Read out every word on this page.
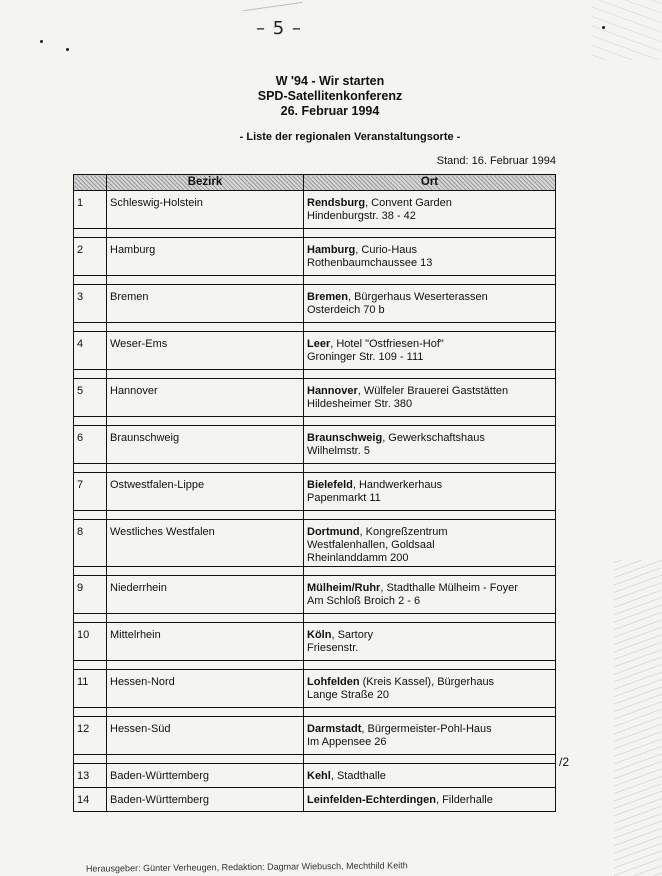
– 5 –
W '94 - Wir starten
SPD-Satellitenkonferenz
26. Februar 1994
- Liste der regionalen Veranstaltungsorte -
Stand: 16. Februar 1994
	Bezirk	Ort
1	Schleswig-Holstein	Rendsburg, Convent Garden
Hindenburgstr. 38 - 42

2	Hamburg	Hamburg, Curio-Haus
Rothenbaumchaussee 13

3	Bremen	Bremen, Bürgerhaus Weserterassen
Osterdeich 70 b

4	Weser-Ems	Leer, Hotel "Ostfriesen-Hof"
Groninger Str. 109 - 111

5	Hannover	Hannover, Wülfeler Brauerei Gaststätten
Hildesheimer Str. 380

6	Braunschweig	Braunschweig, Gewerkschaftshaus
Wilhelmstr. 5

7	Ostwestfalen-Lippe	Bielefeld, Handwerkerhaus
Papenmarkt 11

8	Westliches Westfalen	Dortmund, Kongreßzentrum
Westfalenhallen, Goldsaal
Rheinlanddamm 200

9	Niederrhein	Mülheim/Ruhr, Stadthalle Mülheim - Foyer
Am Schloß Broich 2 - 6

10	Mittelrhein	Köln, Sartory
Friesenstr.

11	Hessen-Nord	Lohfelden (Kreis Kassel), Bürgerhaus
Lange Straße 20

12	Hessen-Süd	Darmstadt, Bürgermeister-Pohl-Haus
Im Appensee 26

13	Baden-Württemberg	Kehl, Stadthalle

14	Baden-Württemberg	Leinfelden-Echterdingen, Filderhalle
/2
Herausgeber: Günter Verheugen, Redaktion: Dagmar Wiebusch, Mechthild Keith
